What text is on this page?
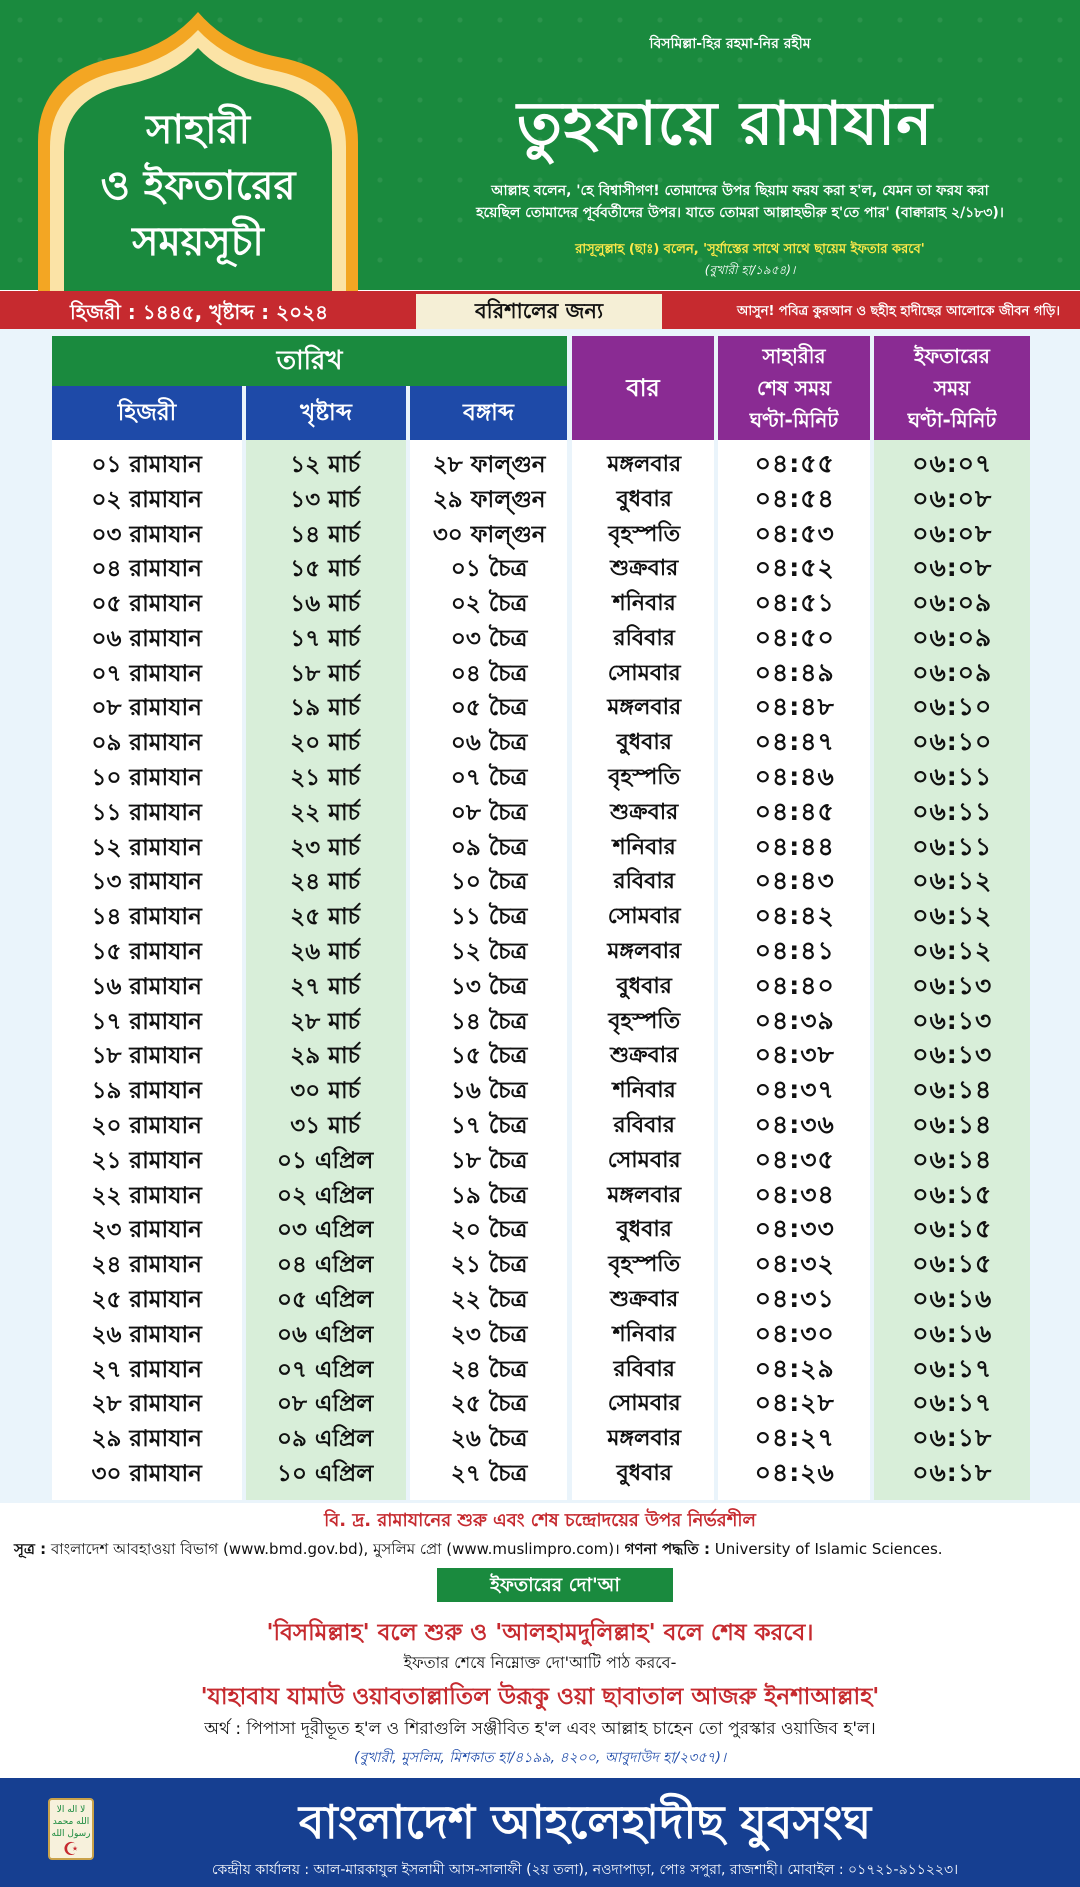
সাহারী
ও ইফতারের
সময়সূচী
বিসমিল্লা-হির রহমা-নির রহীম
তুহফায়ে রামাযান
আল্লাহ বলেন, 'হে বিশ্বাসীগণ! তোমাদের উপর ছিয়াম ফরয করা হ'ল, যেমন তা ফরয করা
হয়েছিল তোমাদের পূর্ববর্তীদের উপর। যাতে তোমরা আল্লাহভীরু হ'তে পার' (বাক্বারাহ ২/১৮৩)।
রাসূলুল্লাহ (ছাঃ) বলেন, 'সূর্যাস্তের সাথে সাথে ছায়েম ইফতার করবে'
(বুখারী হা/১৯৫৪)।
হিজরী : ১৪৪৫, খৃষ্টাব্দ : ২০২৪	বরিশালের জন্য	আসুন! পবিত্র কুরআন ও ছহীহ হাদীছের আলোকে জীবন গড়ি।
তারিখ
হিজরী	খৃষ্টাব্দ	বঙ্গাব্দ
বার
সাহারীর
শেষ সময়
ঘণ্টা-মিনিট
ইফতারের
সময়
ঘণ্টা-মিনিট
০১ রামাযান	১২ মার্চ	২৮ ফাল্গুন	মঙ্গলবার	০৪:৫৫	০৬:০৭
০২ রামাযান	১৩ মার্চ	২৯ ফাল্গুন	বুধবার	০৪:৫৪	০৬:০৮
০৩ রামাযান	১৪ মার্চ	৩০ ফাল্গুন	বৃহস্পতি	০৪:৫৩	০৬:০৮
০৪ রামাযান	১৫ মার্চ	০১ চৈত্র	শুক্রবার	০৪:৫২	০৬:০৮
০৫ রামাযান	১৬ মার্চ	০২ চৈত্র	শনিবার	০৪:৫১	০৬:০৯
০৬ রামাযান	১৭ মার্চ	০৩ চৈত্র	রবিবার	০৪:৫০	০৬:০৯
০৭ রামাযান	১৮ মার্চ	০৪ চৈত্র	সোমবার	০৪:৪৯	০৬:০৯
০৮ রামাযান	১৯ মার্চ	০৫ চৈত্র	মঙ্গলবার	০৪:৪৮	০৬:১০
০৯ রামাযান	২০ মার্চ	০৬ চৈত্র	বুধবার	০৪:৪৭	০৬:১০
১০ রামাযান	২১ মার্চ	০৭ চৈত্র	বৃহস্পতি	০৪:৪৬	০৬:১১
১১ রামাযান	২২ মার্চ	০৮ চৈত্র	শুক্রবার	০৪:৪৫	০৬:১১
১২ রামাযান	২৩ মার্চ	০৯ চৈত্র	শনিবার	০৪:৪৪	০৬:১১
১৩ রামাযান	২৪ মার্চ	১০ চৈত্র	রবিবার	০৪:৪৩	০৬:১২
১৪ রামাযান	২৫ মার্চ	১১ চৈত্র	সোমবার	০৪:৪২	০৬:১২
১৫ রামাযান	২৬ মার্চ	১২ চৈত্র	মঙ্গলবার	০৪:৪১	০৬:১২
১৬ রামাযান	২৭ মার্চ	১৩ চৈত্র	বুধবার	০৪:৪০	০৬:১৩
১৭ রামাযান	২৮ মার্চ	১৪ চৈত্র	বৃহস্পতি	০৪:৩৯	০৬:১৩
১৮ রামাযান	২৯ মার্চ	১৫ চৈত্র	শুক্রবার	০৪:৩৮	০৬:১৩
১৯ রামাযান	৩০ মার্চ	১৬ চৈত্র	শনিবার	০৪:৩৭	০৬:১৪
২০ রামাযান	৩১ মার্চ	১৭ চৈত্র	রবিবার	০৪:৩৬	০৬:১৪
২১ রামাযান	০১ এপ্রিল	১৮ চৈত্র	সোমবার	০৪:৩৫	০৬:১৪
২২ রামাযান	০২ এপ্রিল	১৯ চৈত্র	মঙ্গলবার	০৪:৩৪	০৬:১৫
২৩ রামাযান	০৩ এপ্রিল	২০ চৈত্র	বুধবার	০৪:৩৩	০৬:১৫
২৪ রামাযান	০৪ এপ্রিল	২১ চৈত্র	বৃহস্পতি	০৪:৩২	০৬:১৫
২৫ রামাযান	০৫ এপ্রিল	২২ চৈত্র	শুক্রবার	০৪:৩১	০৬:১৬
২৬ রামাযান	০৬ এপ্রিল	২৩ চৈত্র	শনিবার	০৪:৩০	০৬:১৬
২৭ রামাযান	০৭ এপ্রিল	২৪ চৈত্র	রবিবার	০৪:২৯	০৬:১৭
২৮ রামাযান	০৮ এপ্রিল	২৫ চৈত্র	সোমবার	০৪:২৮	০৬:১৭
২৯ রামাযান	০৯ এপ্রিল	২৬ চৈত্র	মঙ্গলবার	০৪:২৭	০৬:১৮
৩০ রামাযান	১০ এপ্রিল	২৭ চৈত্র	বুধবার	০৪:২৬	০৬:১৮
বি. দ্র. রামাযানের শুরু এবং শেষ চন্দ্রোদয়ের উপর নির্ভরশীল
সূত্র : বাংলাদেশ আবহাওয়া বিভাগ (www.bmd.gov.bd), মুসলিম প্রো (www.muslimpro.com)। গণনা পদ্ধতি : University of Islamic Sciences.
ইফতারের দো'আ
'বিসমিল্লাহ' বলে শুরু ও 'আলহামদুলিল্লাহ' বলে শেষ করবে।
ইফতার শেষে নিম্নোক্ত দো'আটি পাঠ করবে-
'যাহাবায যামাউ ওয়াবতাল্লাতিল উরূকু ওয়া ছাবাতাল আজরু ইনশাআল্লাহ'
অর্থ : পিপাসা দূরীভূত হ'ল ও শিরাগুলি সঞ্জীবিত হ'ল এবং আল্লাহ চাহেন তো পুরস্কার ওয়াজিব হ'ল।
(বুখারী, মুসলিম, মিশকাত হা/৪১৯৯, ৪২০০, আবুদাউদ হা/২৩৫৭)।
لا اله الا الله محمد رسول الله
☪
বাংলাদেশ আহলেহাদীছ যুবসংঘ
কেন্দ্রীয় কার্যালয় : আল-মারকাযুল ইসলামী আস-সালাফী (২য় তলা), নওদাপাড়া, পোঃ সপুরা, রাজশাহী। মোবাইল : ০১৭২১-৯১১২২৩।
